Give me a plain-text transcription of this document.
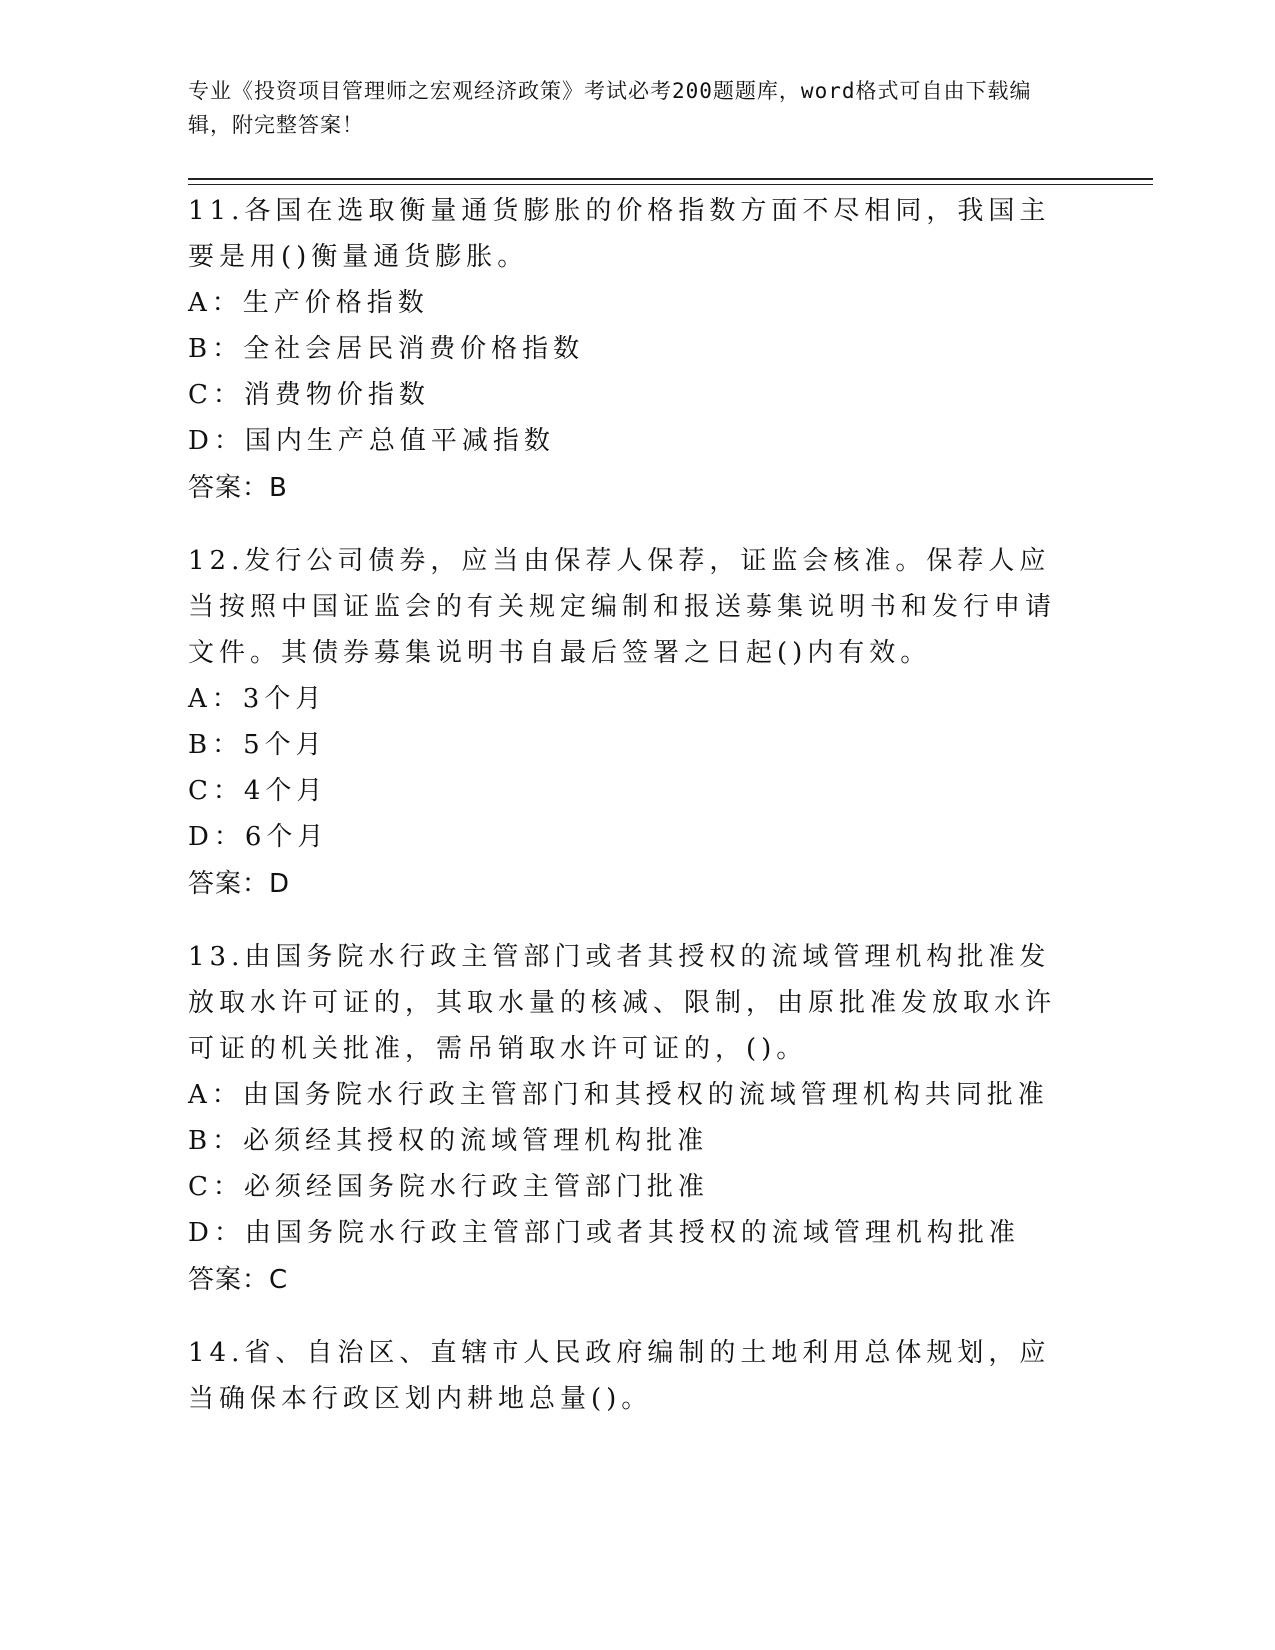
专业《投资项目管理师之宏观经济政策》考试必考200题题库，word格式可自由下载编辑，附完整答案！
11.各国在选取衡量通货膨胀的价格指数方面不尽相同，我国主要是用()衡量通货膨胀。
A：生产价格指数
B：全社会居民消费价格指数
C：消费物价指数
D：国内生产总值平减指数
答案：B
12.发行公司债券，应当由保荐人保荐，证监会核准。保荐人应当按照中国证监会的有关规定编制和报送募集说明书和发行申请文件。其债券募集说明书自最后签署之日起()内有效。
A：3个月
B：5个月
C：4个月
D：6个月
答案：D
13.由国务院水行政主管部门或者其授权的流域管理机构批准发放取水许可证的，其取水量的核减、限制，由原批准发放取水许可证的机关批准，需吊销取水许可证的，()。
A：由国务院水行政主管部门和其授权的流域管理机构共同批准
B：必须经其授权的流域管理机构批准
C：必须经国务院水行政主管部门批准
D：由国务院水行政主管部门或者其授权的流域管理机构批准
答案：C
14.省、自治区、直辖市人民政府编制的土地利用总体规划，应当确保本行政区划内耕地总量()。
